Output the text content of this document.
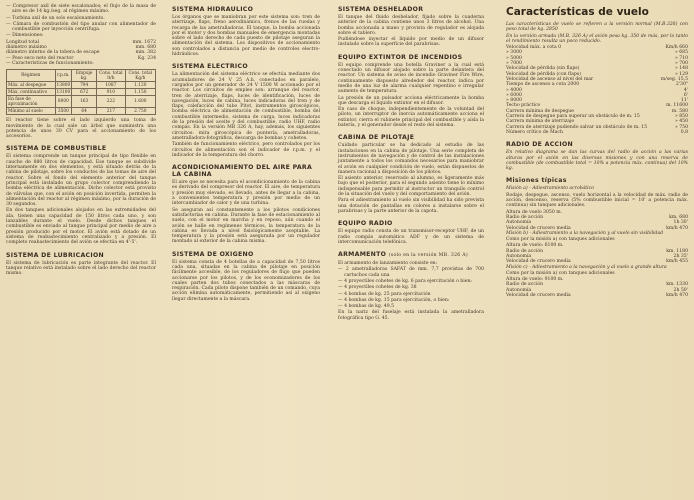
— Compresor axil de siete escalonados; el flujo de la masa de aire es de 14 kg./seg. al régimen máximo.

— Turbina axil de un solo escalonamiento.

— Cámara de combustión del tipo anular con alimentador de combustible por inyección centrífuga.

— Dimensiones:

Longitud total	mm. 1672
diámetro máximo	mm. 680
diámetro interno de la tobera de escape	mm. 382
— Peso seco neto del reactor	Kg. 234

— Características de funcionamiento:

Régimen	r.p.m.	Empuje kg.	Cons. total lt/h	Cons. total Kg/h
Máx. al despegue	13800	794	1087	1.120
Máx. continuativo	13100	672	910	1.150
En fase de aproximación	8000	163	222	1.600
Mínimo al suelo	3500	64	217	2.750

El reactor tiene sobre el lado izquierdo una toma de movimiento de la cual sale un árbol que suministra una potencia de unos 30 CV para el accionamiento de los accesorios.

SISTEMA DE COMBUSTIBLE

El sistema comprende un tanque principal de tipo flexible en caucho de 880 litros de capacidad. Ese tanque se subdivide internamente en dos elementos, y está situado detrás de la cabina de pilotaje, sobre los conductos de las tomas de aire del reactor. Sobre el fondo del elemento anterior del tanque principal está instalado un grupo colector comprendiendo la bomba eléctrica de alimentación. Dicho colector está provisto de válvulas que, con el avión en posición invertida, permiten la alimentación del reactor al régimen máximo, por la duración de 30 segundos.

En dos tanques adicionales alojados en las extremidades del ala, tienen una capacidad de 150 litros cada uno, y son lanzables durante el vuelo. Desde dichos tanques el combustible es enviado al tanque principal por medio de aire a presión producido por el motor. El avión está dotado de un sistema de reabastecimiento centralizado y a presión. El completo reabastecimiento del avión se efectúa en 4'-5'.

SISTEMA DE LUBRICACION

El sistema de lubricación es parte integrante del reactor. El tanque relativo está instalado sobre el lado derecho del reactor mismo.

SISTEMA HIDRAULICO

Los órganos que se maniobran por este sistema son: tren de aterrizaje, flaps, freno aerodinámico, frenos de las ruedas y recarga de las ametralladoras. El tanque, la bomba accionada por el motor y dos bombas manuales de emergencia montadas sobre el lado derecho de cada puesto de pilotaje aseguran la alimentación del sistema. Los dispositivos de accionamiento son controlados a distancia por medio de controles electro-hidráulicos.

SISTEMA ELECTRICO

La alimentación del sistema eléctrico se efectúa mediante dos acumuladores de 24 V 25 A.h. conectados en paralelo, cargados por un generador de 24 V 1500 W accionado por el reactor. Los circuitos de empleo son: arranque del reactor, tren de aterrizaje, flaps, luces de identificación, luces de navegación, luces de cabina, luces indicadoras del tren y de flaps, calefacción del tubo Pitot, instrumentos giroscópicos, bomba eléctrica de alimentación de combustible, bomba del combustible intermedio, sistema de carga, luces indicadoras de la presión del aceite y del combustible, radio UHF, radio compás. En la versión MB 326 A, hay, además, los siguientes circuitos: mira giroscópica de puntería, ametralladoras, ametralladora-fotográfica, descarga de bombas y cohetes.

También de funcionamiento eléctrico, pero controlados por los circuitos de alimentación son el indicador de r.p.m. y el indicador de la temperatura del chorro.

ACONDICIONAMIENTO DEL AIRE PARA LA CABINA

El aire que se necesita para el acondicionamiento de la cabina es derivado del compresor del reactor. El aire, de temperatura y presión muy elevado, es llevado, antes de llegar a la cabina, a convenientes temperatura y presión por medio de un intercambiador de calor y de una turbina.

Se aseguran así constantemente a los pilotos condiciones satisfactorias en cabina. Durante la fase de estacionamiento al suelo, con el motor en marcha y en reposo, aún cuando el avión se halle en regímenes térmicos, la temperatura de la cabina es llevada a nivel fisiológicamente aceptable. La temperatura y la presión está asegurada por un regulador montado al exterior de la cabina misma.

SISTEMA DE OXIGENO

El sistema consta de 4 botellas de a capacidad de 7,50 litros cada una, situadas en la cabina de pilotaje en posición fácilmente accesible, de los reguladores de flujo que pueden accionarse por los pilotos, y de los economizadores de los cuales parten dos tubos conectados a las máscaras de respiración. Cada piloto dispone también de un comando, cuya acción elimina automáticamente, permitiendo así al oxígeno llegar directamente a la máscara.

SISTEMA DESHELADOR

El tanque del fluido deshelador, fijado sobre la cuaderna anterior de la cabina contiene unos 3 litros de alcohol. Una bomba accionada a mano y provista de regulador es alojada sobre el tablero.

Pudiéndose inyectar el líquido por medio de un difusor instalado sobre la superficie del parabrisas.

EQUIPO EXTINTOR DE INCENDIOS

El equipo comprende una botella Graviner a la cual está conectado un difusor alojado sobre la parte delantera del reactor. Un sistema de aviso de incendio Graviner Fire Wire, continuamente dispuesto alrededor del reactor, indica por medio de una luz de alarma cualquier repentino e irregular aumento de temperatura.

La presión de un pulsador acciona eléctricamente la bomba que descarga el líquido extintor en el difusor.

En caso de choque, independientemente de la voluntad del piloto, un interruptor de inercia automáticamente acciona el extintor, cierra el rubinete principal del combustible y aísla la batería, y el generador desde el resto del sistema.

CABINA DE PILOTAJE

Cuidado particular se ha dedicado al estudio de las instalaciones en la cabina de pilotaje. Una serie completa de instrumentos de navegación y de control de las instalaciones juntamente a todos los comandos necesarios para maniobrar el avión en cualquier condición de vuelo, están dispuestos de manera racional a disposición de los pilotos.

El asiento anterior, reservado al alumno, es ligeramente más bajo que el posterior, para el segundo asiento tiene lo mínimo indispensable para permitir al instructor un tranquilo control de la situación del vuelo y del comportamiento del avión.

Para el adiestramiento al vuelo sin visibilidad ha sido prevista una dotación de pantallas en colores a instalarse sobre el parabrisas y la parte anterior de la capota.

EQUIPO RADIO

El equipo radio consta de un transmisor-receptor UHF, de un radio compás automático ADF y de un sistema de intercomunicación telefónica.

ARMAMENTO (solo en la versión MB. 326 A)

El armamento de lanzamiento consiste en:

— 2 ametralladoras SAFAT de mm. 7,7 provistas de 700 cartuchos cada una

— 4 proyectiles cohetes de kg. 6 para ejercitación o bien:

— 4 proyectiles cohetes de kg. 38

— 4 bombas de kg. 25 para ejercitación

— 4 bombas de kg. 15 para ejercitación, o bien:

— 4 bombas de kg. 49,5

En la nariz del fuselaje está instalada la ametralladora fotográfica tipo G. 45.

Características de vuelo

Las características de vuelo se refieren a la versión normal (M.B.326) con peso total de kg. 2850

En la versión armada (M.B. 326 A) el avión pesa kg. 350 de más, por lo tanto el rendimiento resulta un poco reducido.

Velocidad máx. a cota 0	Km/h 660
» 3000	» 685
» 5000	» 710
» 7000	» 700
Velocidad de pérdida (sin flaps)	» 148
Velocidad de pérdida (con flaps)	» 129
Velocidad de ascenso al nivel del mar	m/seg. 15,5
Tiempo de ascenso a cota 2000	2'30"
» 4000	4'
» 6000	6'
» 8000	11'
Techo práctico	m. 11600
Carrera mínima de despegue	m. 580
Carrera de despegue para superar un obstáculo de m. 15	» 850
Carrera mínima de aterrizaje	» 450
Carrera de aterrizaje pudiendo salvar un obstáculo de m. 15	» 750
Número crítico de Mach	0,8
RADIO DE ACCION

En relativo diagrama se dan las curvas del radio de acción a las varias alturas por el avión en las diversas misiones y con una reserva de combustible (de combustible total = 10% a potencia máx. continua) del 10% kg.

Misiones típicas

Misión a) - Adiestramiento acrobático

Rodaje, despegue, ascenso, vuelo horizontal a la velocidad de máx. radio de acción, descenso, reserva (5% combustible inicial = 10' a potencia máx. continua) sin tanques adicionales.

Altura de vuelo 3050 m.
Radio de acción	km. 680
Autonomía	1h 30'
Velocidad de crucero media	km/h 470

Misión b) - Adiestramiento a la navegación y al vuelo sin visibilidad

Como por la misión a) con tanques adicionales

Altura de vuelo: 6100 m.
Radio de acción	km. 1180
Autonomía	2h 35'
Velocidad de crucero media	km/h 455

Misión c) - Adiestramiento a la navegación y al vuelo a grande altura

Como por la misión a) con tanques adicionales

Altura de vuelo: 9100 m.
Radio de acción	km. 1330
Autonomía	2h 50'
Velocidad de crucero media	km/h 470
